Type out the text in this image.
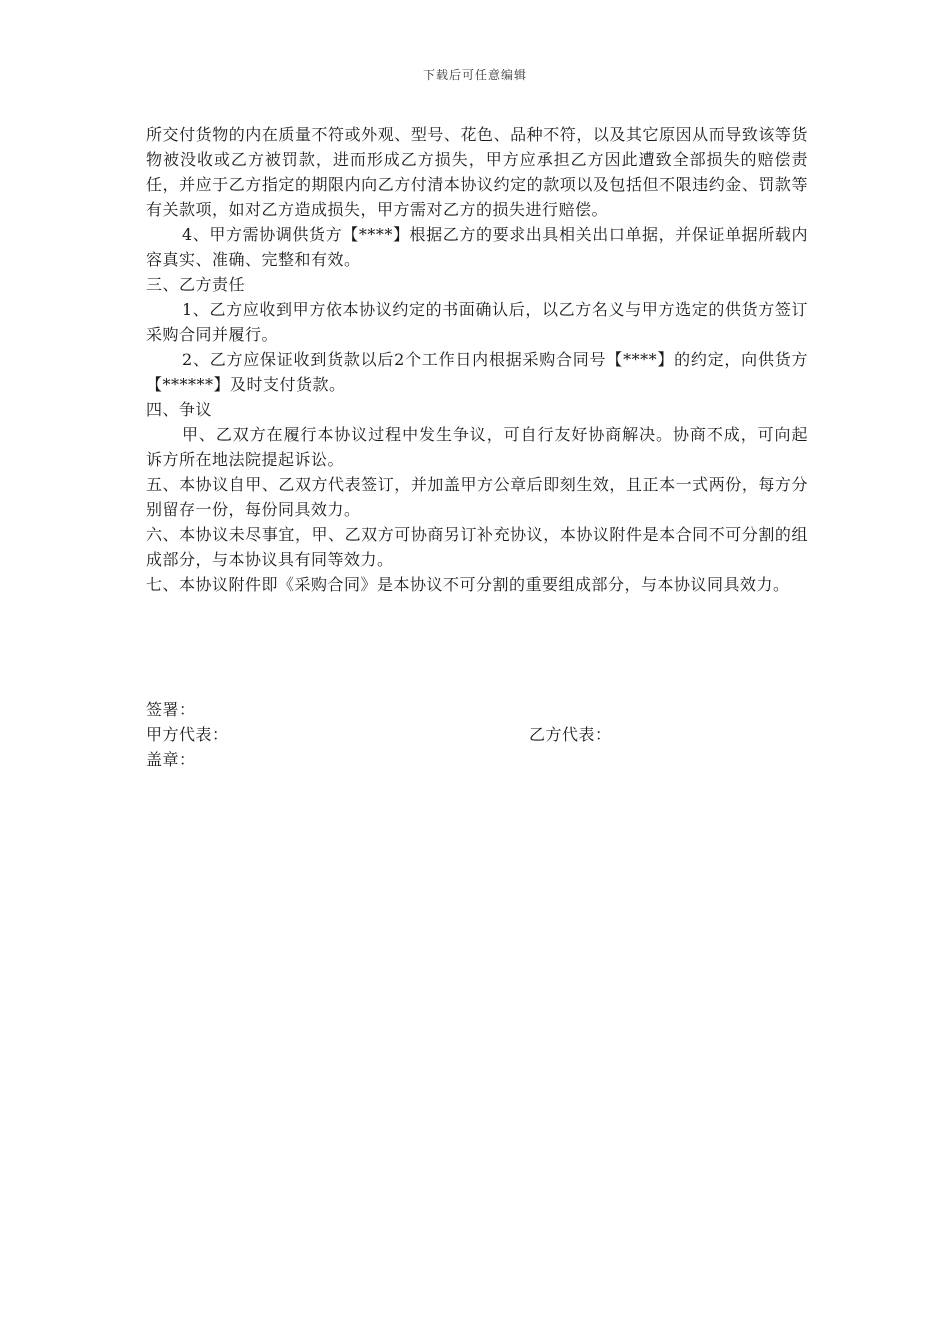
下载后可任意编辑

所交付货物的内在质量不符或外观、型号、花色、品种不符，以及其它原因从而导致该等货物被没收或乙方被罚款，进而形成乙方损失，甲方应承担乙方因此遭致全部损失的赔偿责任，并应于乙方指定的期限内向乙方付清本协议约定的款项以及包括但不限违约金、罚款等有关款项，如对乙方造成损失，甲方需对乙方的损失进行赔偿。

4、甲方需协调供货方【****】根据乙方的要求出具相关出口单据，并保证单据所载内容真实、准确、完整和有效。

三、乙方责任

1、乙方应收到甲方依本协议约定的书面确认后，以乙方名义与甲方选定的供货方签订采购合同并履行。

2、乙方应保证收到货款以后2个工作日内根据采购合同号【****】的约定，向供货方【******】及时支付货款。

四、争议

甲、乙双方在履行本协议过程中发生争议，可自行友好协商解决。协商不成，可向起诉方所在地法院提起诉讼。

五、本协议自甲、乙双方代表签订，并加盖甲方公章后即刻生效，且正本一式两份，每方分别留存一份，每份同具效力。

六、本协议未尽事宜，甲、乙双方可协商另订补充协议，本协议附件是本合同不可分割的组成部分，与本协议具有同等效力。

七、本协议附件即《采购合同》是本协议不可分割的重要组成部分，与本协议同具效力。

签署：
甲方代表：	乙方代表：
盖章：
